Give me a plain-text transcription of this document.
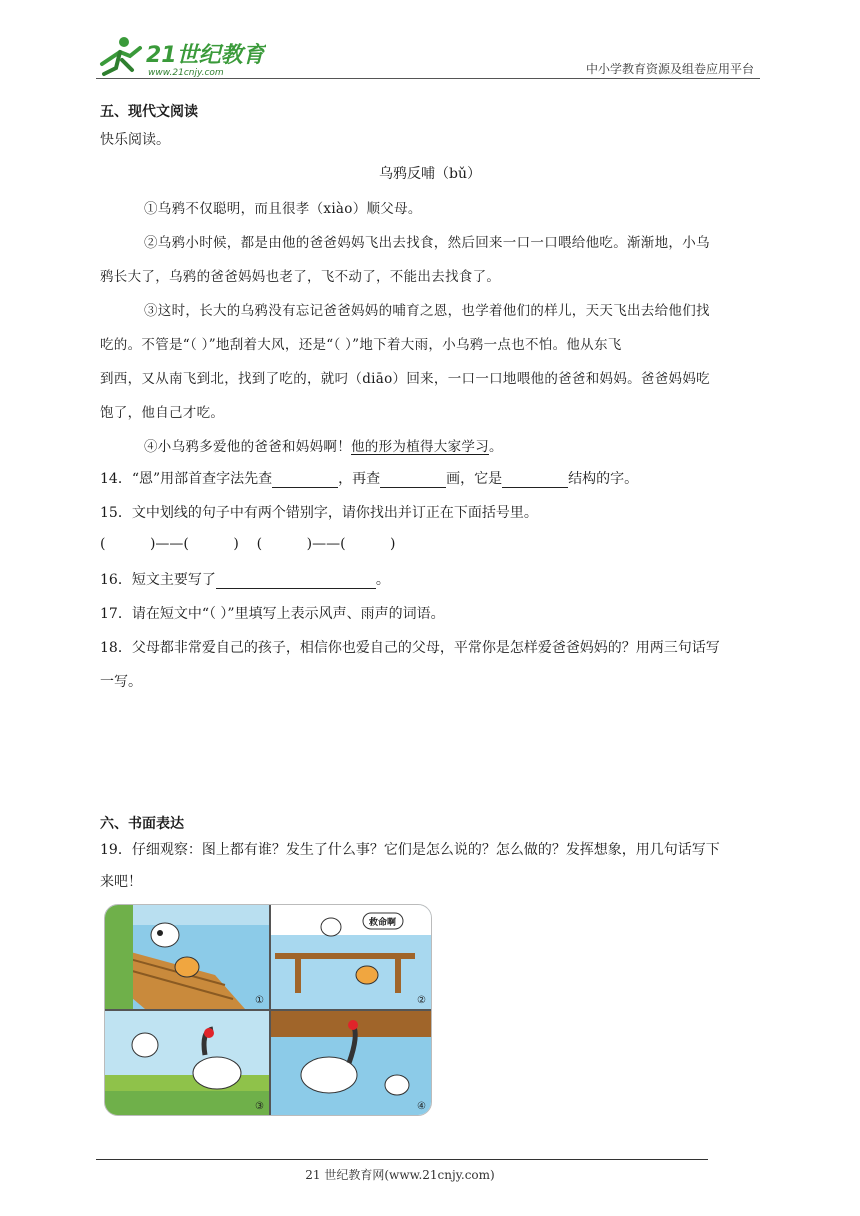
21世纪教育
www.21cnjy.com	中小学教育资源及组卷应用平台
五、现代文阅读
快乐阅读。
乌鸦反哺（bǔ）
①乌鸦不仅聪明，而且很孝（xiào）顺父母。
②乌鸦小时候，都是由他的爸爸妈妈飞出去找食，然后回来一口一口喂给他吃。渐渐地，小乌
鸦长大了，乌鸦的爸爸妈妈也老了，飞不动了，不能出去找食了。
③这时，长大的乌鸦没有忘记爸爸妈妈的哺育之恩，也学着他们的样儿，天天飞出去给他们找
吃的。不管是“（ ）”地刮着大风，还是“（ ）”地下着大雨，小乌鸦一点也不怕。他从东飞
到西，又从南飞到北，找到了吃的，就叼（diāo）回来，一口一口地喂他的爸爸和妈妈。爸爸妈妈吃
饱了，他自己才吃。
④小乌鸦多爱他的爸爸和妈妈啊！他的形为植得大家学习。
14．“恩”用部首查字法先查	，再查	画，它是	结构的字。
15．文中划线的句子中有两个错别字，请你找出并订正在下面括号里。
(          )——(          )    (          )——(          )
16．短文主要写了	。
17．请在短文中“（ ）”里填写上表示风声、雨声的词语。
18．父母都非常爱自己的孩子，相信你也爱自己的父母，平常你是怎样爱爸爸妈妈的？用两三句话写
一写。
六、书面表达
19．仔细观察：图上都有谁？发生了什么事？它们是怎么说的？怎么做的？发挥想象，用几句话写下
来吧！
①
救命啊
②
③	④
21 世纪教育网(www.21cnjy.com)
